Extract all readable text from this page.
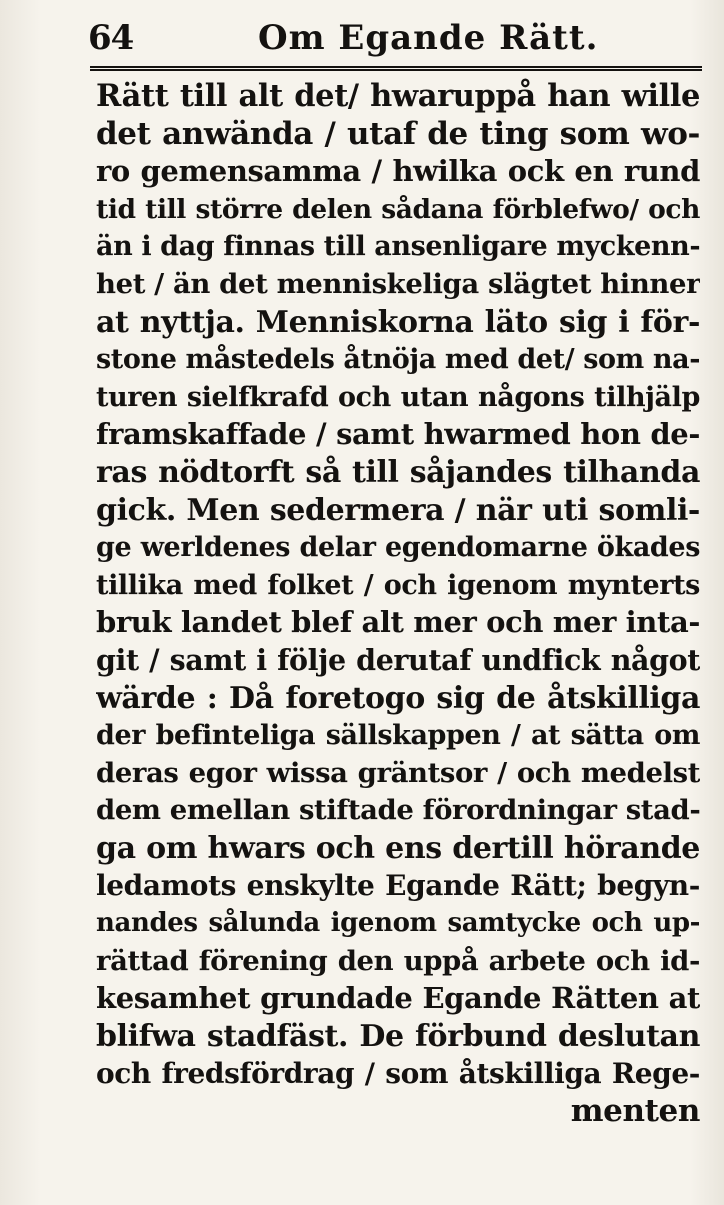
64	Om Egande Rätt.
Rätt till alt det/ hwaruppå han wille
det anwända / utaf de ting som wo-
ro gemensamma / hwilka ock en rund
tid till större delen sådana förblefwo/ och
än i dag finnas till ansenligare myckenn-
het / än det menniskeliga slägtet hinner
at nyttja. Menniskorna läto sig i för-
stone måstedels åtnöja med det/ som na-
turen sielfkrafd och utan någons tilhjälp
framskaffade / samt hwarmed hon de-
ras nödtorft så till såjandes tilhanda
gick. Men sedermera / när uti somli-
ge werldenes delar egendomarne ökades
tillika med folket / och igenom mynterts
bruk landet blef alt mer och mer inta-
git / samt i följe derutaf undfick något
wärde : Då foretogo sig de åtskilliga
der befinteliga sällskappen / at sätta om
deras egor wissa gräntsor / och medelst
dem emellan stiftade förordningar stad-
ga om hwars och ens dertill hörande
ledamots enskylte Egande Rätt; begyn-
nandes sålunda igenom samtycke och up-
rättad förening den uppå arbete och id-
kesamhet grundade Egande Rätten at
blifwa stadfäst. De förbund deslutan
och fredsfördrag / som åtskilliga Rege-
menten
